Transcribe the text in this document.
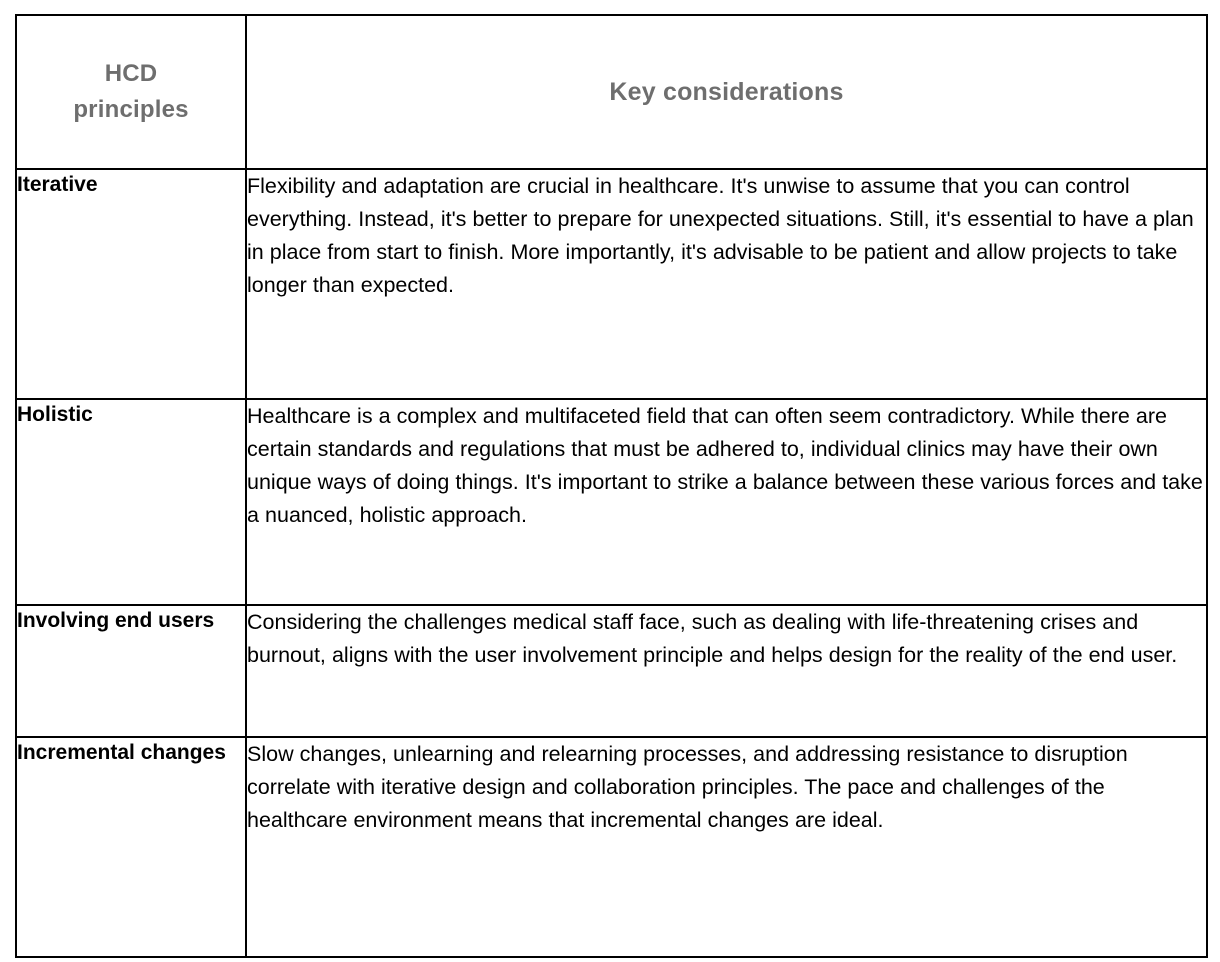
HCD
principles	Key considerations

Iterative	Flexibility and adaptation are crucial in healthcare. It's unwise to assume that you can control everything. Instead, it's better to prepare for unexpected situations. Still, it's essential to have a plan in place from start to finish. More importantly, it's advisable to be patient and allow projects to take longer than expected.

Holistic	Healthcare is a complex and multifaceted field that can often seem contradictory. While there are certain standards and regulations that must be adhered to, individual clinics may have their own unique ways of doing things. It's important to strike a balance between these various forces and take a nuanced, holistic approach.

Involving end users	Considering the challenges medical staff face, such as dealing with life-threatening crises and burnout, aligns with the user involvement principle and helps design for the reality of the end user.

Incremental changes	Slow changes, unlearning and relearning processes, and addressing resistance to disruption correlate with iterative design and collaboration principles. The pace and challenges of the healthcare environment means that incremental changes are ideal.
